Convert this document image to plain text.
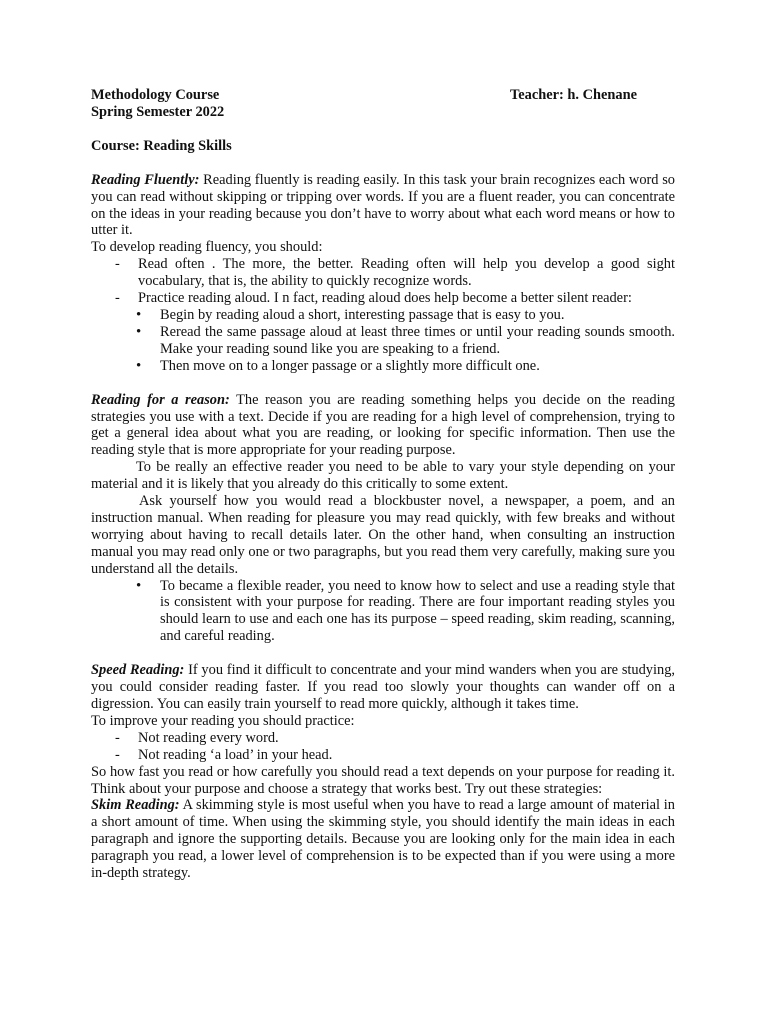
Methodology Course	Teacher: h. Chenane
Spring Semester 2022
Course: Reading Skills

Reading Fluently: Reading fluently is reading easily. In this task your brain recognizes each word so you can read without skipping or tripping over words. If you are a fluent reader, you can concentrate on the ideas in your reading because you don’t have to worry about what each word means or how to utter it.

To develop reading fluency, you should:

- Read often . The more, the better. Reading often will help you develop a good sight vocabulary, that is, the ability to quickly recognize words.
- Practice reading aloud. I n fact, reading aloud does help become a better silent reader:
• Begin by reading aloud a short, interesting passage that is easy to you.
• Reread the same passage aloud at least three times or until your reading sounds smooth. Make your reading sound like you are speaking to a friend.
• Then move on to a longer passage or a slightly more difficult one.

Reading for a reason: The reason you are reading something helps you decide on the reading strategies you use with a text. Decide if you are reading for a high level of comprehension, trying to get a general idea about what you are reading, or looking for specific information. Then use the reading style that is more appropriate for your reading purpose.

To be really an effective reader you need to be able to vary your style depending on your material and it is likely that you already do this critically to some extent.

Ask yourself how you would read a blockbuster novel, a newspaper, a poem, and an instruction manual. When reading for pleasure you may read quickly, with few breaks and without worrying about having to recall details later. On the other hand, when consulting an instruction manual you may read only one or two paragraphs, but you read them very carefully, making sure you understand all the details.

• To became a flexible reader, you need to know how to select and use a reading style that is consistent with your purpose for reading. There are four important reading styles you should learn to use and each one has its purpose – speed reading, skim reading, scanning, and careful reading.

Speed Reading: If you find it difficult to concentrate and your mind wanders when you are studying, you could consider reading faster. If you read too slowly your thoughts can wander off on a digression. You can easily train yourself to read more quickly, although it takes time.

To improve your reading you should practice:

- Not reading every word.
- Not reading ‘a load’ in your head.

So how fast you read or how carefully you should read a text depends on your purpose for reading it. Think about your purpose and choose a strategy that works best. Try out these strategies:

Skim Reading: A skimming style is most useful when you have to read a large amount of material in a short amount of time. When using the skimming style, you should identify the main ideas in each paragraph and ignore the supporting details. Because you are looking only for the main idea in each paragraph you read, a lower level of comprehension is to be expected than if you were using a more in-depth strategy.
